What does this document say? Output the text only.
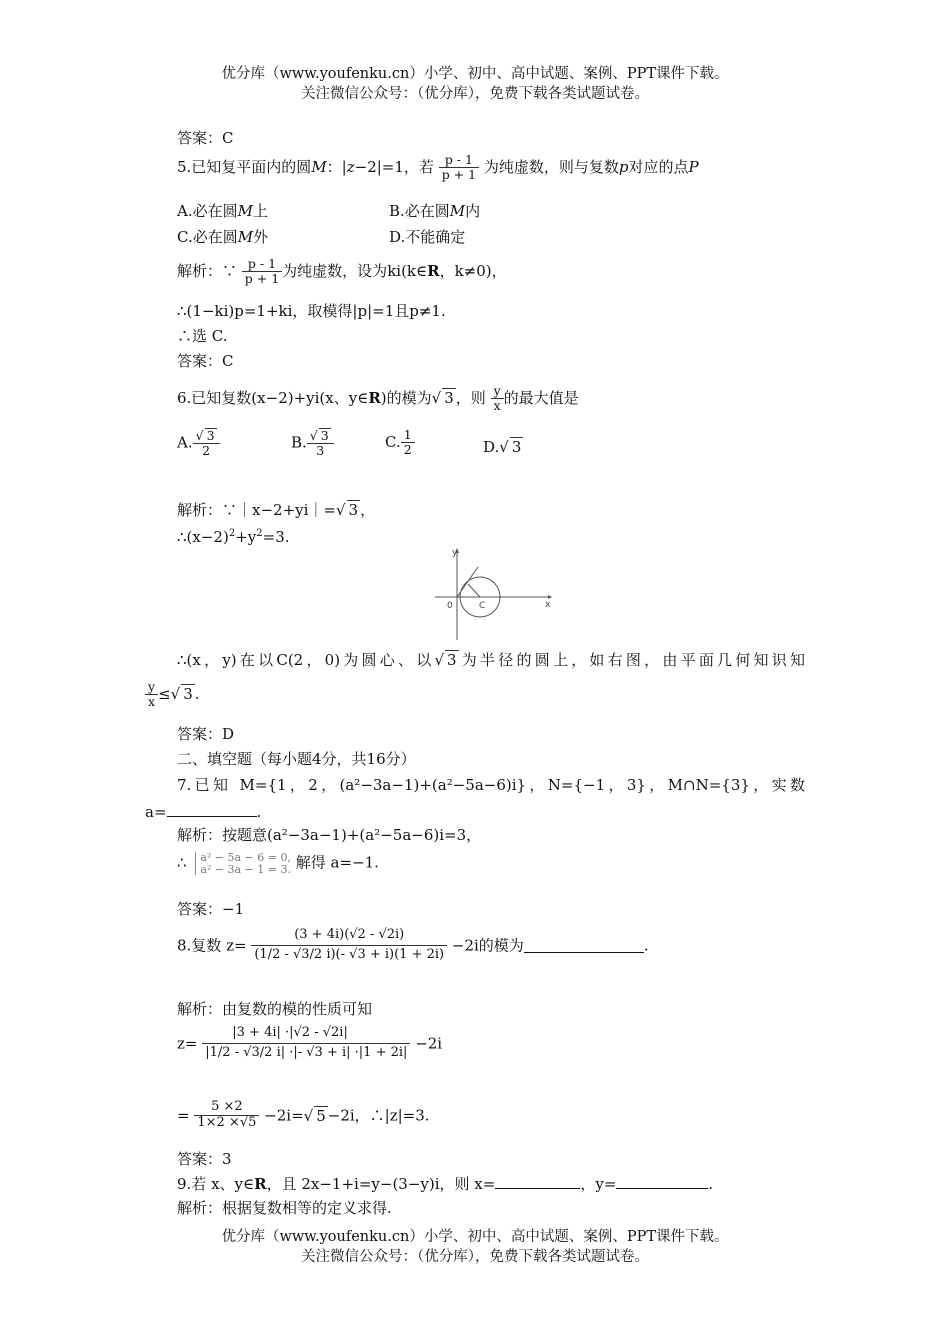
优分库（www.youfenku.cn）小学、初中、高中试题、案例、PPT课件下载。
关注微信公众号：（优分库），免费下载各类试题试卷。
答案：C
5.已知复平面内的圆M：|z−2|=1，若 $\frac{p - 1}{p + 1}$ 为纯虚数，则与复数p对应的点P
A.必在圆M上	B.必在圆M内
C.必在圆M外	D.不能确定
解析：∵ $\frac{p - 1}{p + 1}$ 为纯虚数，设为ki(k∈R，k≠0)，
∴(1−ki)p=1+ki，取模得|p|=1且p≠1.
∴选 C.
答案：C
6.已知复数(x−2)+yi(x、y∈R)的模为√ 3 ，则 $\frac{y}{x}$ 的最大值是
A. $\frac{√ 3}{2}$	B. $\frac{√ 3}{3}$	C. $\frac{1}{2}$	D.√ 3
解析：∵｜x−2+yi｜=√ 3 ，
$\therefore(x-2)^2+y^2=3$.
y
x
0	C
∴(x，y)在以C(2，0)为圆心、以√ 3 为半径的圆上，如右图，由平面几何知识知
$\frac{y}{x}$ ≤√ 3 .
答案：D
二、填空题（每小题4分，共16分）
7.已知 M={1，2，(a²−3a−1)+(a²−5a−6)i}，N={−1，3}，M∩N={3}，实数
a=	.
解析：按题意(a²−3a−1)+(a²−5a−6)i=3，
∴ a² − 5a − 6 = 0,
a² − 3a − 1 = 3. 解得 a=−1.
答案：−1
8.复数 $z= \frac{(3 + 4i)(√2 - √2i)}{(1/2 - √3/2 i)(- √3 + i)(1 + 2i)} -2i$的模为	.
解析：由复数的模的性质可知
$z= \frac{|3 + 4i| \cdot|√2 - √2i|}{|1/2 - √3/2 i| \cdot|- √3 + i| \cdot|1 + 2i|} -2i$
= $\frac{5 \times 2}{1\times 2 \times√5} -2i=√$ 5 −2i，∴|z|=3.
答案：3
9.若 x、y∈R，且 2x−1+i=y−(3−y)i，则 x=	，y=	.
解析：根据复数相等的定义求得.
优分库（www.youfenku.cn）小学、初中、高中试题、案例、PPT课件下载。
关注微信公众号：（优分库），免费下载各类试题试卷。
